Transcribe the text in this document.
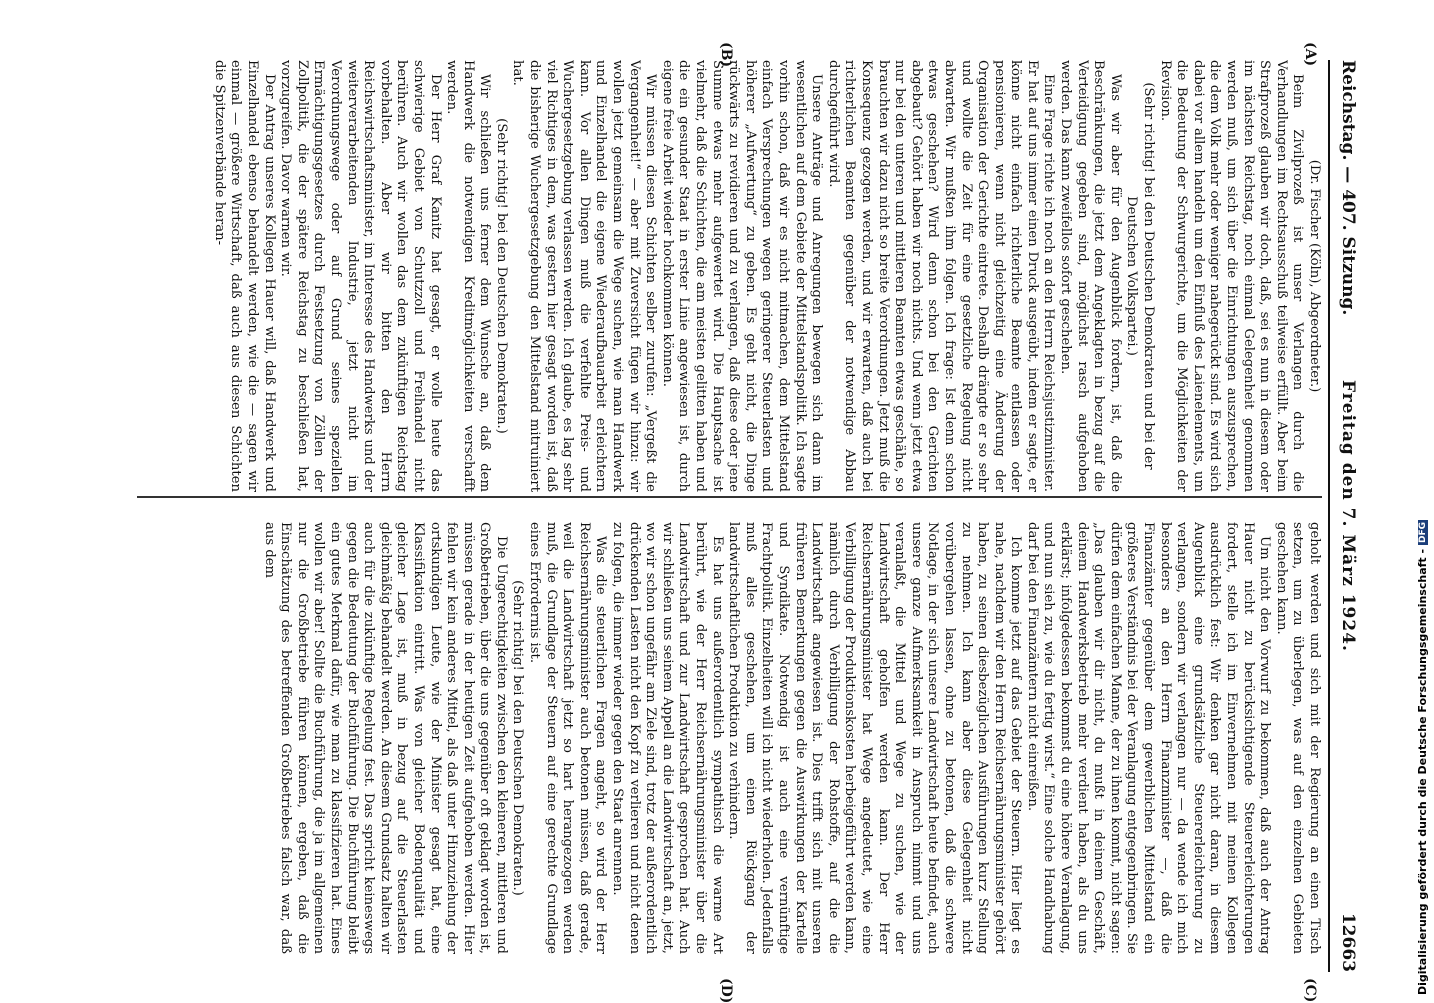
Reichstag. — 407. Sitzung.
Freitag den 7. März 1924.
12663
(A)
(B)
(C)
(D)

(Dr. Fischer (Köln), Abgeordneter.)

Beim Zivilprozeß ist unser Verlangen durch die Verhandlungen im Rechtsausschuß teilweise erfüllt. Aber beim Strafprozeß glauben wir doch, daß, sei es nun in diesem oder im nächsten Reichstag, noch einmal Gelegenheit genommen werden muß, um sich über die Einrichtungen auszusprechen, die dem Volk mehr oder weniger nahegerückt sind. Es wird sich dabei vor allem handeln um den Einfluß des Laienelements, um die Bedeutung der Schwurgerichte, um die Möglichkeiten der Revision.

(Sehr richtig! bei den Deutschen Demokraten und bei der Deutschen Volkspartei.)

Was wir aber für den Augenblick fordern, ist, daß die Beschränkungen, die jetzt dem Angeklagten in bezug auf die Verteidigung gegeben sind, möglichst rasch aufgehoben werden. Das kann zweifellos sofort geschehen.

Eine Frage richte ich noch an den Herrn Reichsjustizminister. Er hat auf uns immer einen Druck ausgeübt, indem er sagte, er könne nicht einfach richterliche Beamte entlassen oder pensionieren, wenn nicht gleichzeitig eine Änderung der Organisation der Gerichte eintrete. Deshalb drängte er so sehr und wollte die Zeit für eine gesetzliche Regelung nicht abwarten. Wir mußten ihm folgen. Ich frage: Ist denn schon etwas geschehen? Wird denn schon bei den Gerichten abgebaut? Gehört haben wir noch nichts. Und wenn jetzt etwa nur bei den unteren und mittleren Beamten etwas geschähe, so brauchten wir dazu nicht so breite Verordnungen. Jetzt muß die Konsequenz gezogen werden, und wir erwarten, daß auch bei richterlichen Beamten gegenüber der notwendige Abbau durchgeführt wird.

Unsere Anträge und Anregungen bewegen sich dann im wesentlichen auf dem Gebiete der Mittelstandspolitik. Ich sagte vorhin schon, daß wir es nicht mitmachen, dem Mittelstand einfach Versprechungen wegen geringerer Steuerlasten und höherer „Aufwertung“ zu geben. Es geht nicht, die Dinge rückwärts zu revidieren und zu verlangen, daß diese oder jene Summe etwas mehr aufgewertet wird. Die Hauptsache ist vielmehr, daß die Schichten, die am meisten gelitten haben und die ein gesunder Staat in erster Linie angewiesen ist, durch eigene freie Arbeit wieder hochkommen können.

Wir müssen diesen Schichten selber zurufen: „Vergeßt die Vergangenheit!“ — aber mit Zuversicht fügen wir hinzu: wir wollen jetzt gemeinsam die Wege suchen, wie man Handwerk und Einzelhandel die eigene Wiederaufbauarbeit erleichtern kann. Vor allen Dingen muß die verfehlte Preis- und Wuchergesetzgebung verlassen werden. Ich glaube, es lag sehr viel Richtiges in dem, was gestern hier gesagt worden ist, daß die bisherige Wuchergesetzgebung den Mittelstand mitruiniert hat.

(Sehr richtig! bei den Deutschen Demokraten.)

Wir schließen uns ferner dem Wunsche an, daß dem Handwerk die notwendigen Kreditmöglichkeiten verschafft werden.

Der Herr Graf Kanitz hat gesagt, er wolle heute das schwierige Gebiet von Schutzzoll und Freihandel nicht berühren. Auch wir wollen das dem zukünftigen Reichstag vorbehalten. Aber wir bitten den Herrn Reichswirtschaftsminister, im Interesse des Handwerks und der weiterverarbeitenden Industrie, jetzt nicht im Verordnungswege oder auf Grund seines speziellen Ermächtigungsgesetzes durch Festsetzung von Zöllen der Zollpolitik, die der spätere Reichstag zu beschließen hat, vorzugreifen. Davor warnen wir.

Der Antrag unseres Kollegen Hauer will, daß Handwerk und Einzelhandel ebenso behandelt werden, wie die — sagen wir einmal — größere Wirtschaft, daß auch aus diesen Schichten die Spitzenverbände heran-

geholt werden und sich mit der Regierung an einen Tisch setzen, um zu überlegen, was auf den einzelnen Gebieten geschehen kann.

Um nicht den Vorwurf zu bekommen, daß auch der Antrag Hauer nicht zu berücksichtigende Steuererleichterungen fordert, stelle ich im Einvernehmen mit meinen Kollegen ausdrücklich fest: Wir denken gar nicht daran, in diesem Augenblick eine grundsätzliche Steuererleichterung zu verlangen, sondern wir verlangen nur — da wende ich mich besonders an den Herrn Finanzminister —, daß die Finanzämter gegenüber dem gewerblichen Mittelstand ein größeres Verständnis bei der Veranlagung entgegenbringen. Sie dürfen dem einfachen Manne, der zu ihnen kommt, nicht sagen: „Das glauben wir dir nicht, du mußt in deinem Geschäft, deinem Handwerksbetrieb mehr verdient haben, als du uns erklärst; infolgedessen bekommst du eine höhere Veranlagung, und nun sieh zu, wie du fertig wirst.“ Eine solche Handhabung darf bei den Finanzämtern nicht einreißen.

Ich komme jetzt auf das Gebiet der Steuern. Hier liegt es nahe, nachdem wir den Herrn Reichsernährungsminister gehört haben, zu seinen diesbezüglichen Ausführungen kurz Stellung zu nehmen. Ich kann aber diese Gelegenheit nicht vorübergehen lassen, ohne zu betonen, daß die schwere Notlage, in der sich unsere Landwirtschaft heute befindet, auch unsere ganze Aufmerksamkeit in Anspruch nimmt und uns veranlaßt, die Mittel und Wege zu suchen, wie der Landwirtschaft geholfen werden kann. Der Herr Reichsernährungsminister hat Wege angedeutet, wie eine Verbilligung der Produktionskosten herbeigeführt werden kann, nämlich durch Verbilligung der Rohstoffe, auf die die Landwirtschaft angewiesen ist. Dies trifft sich mit unseren früheren Bemerkungen gegen die Auswirkungen der Kartelle und Syndikate. Notwendig ist auch eine vernünftige Frachtpolitik. Einzelheiten will ich nicht wiederholen. Jedenfalls muß alles geschehen, um einen Rückgang der landwirtschaftlichen Produktion zu verhindern.

Es hat uns außerordentlich sympathisch die warme Art berührt, wie der Herr Reichsernährungsminister über die Landwirtschaft und zur Landwirtschaft gesprochen hat. Auch wir schließen uns seinem Appell an die Landwirtschaft an, jetzt, wo wir schon ungefähr am Ziele sind, trotz der außerordentlich drückenden Lasten nicht den Kopf zu verlieren und nicht denen zu folgen, die immer wieder gegen den Staat anrennen.

Was die steuerlichen Fragen angeht, so wird der Herr Reichsernährungsminister auch betonen müssen, daß gerade, weil die Landwirtschaft jetzt so hart herangezogen werden muß, die Grundlage der Steuern auf eine gerechte Grundlage eines Erfordernis ist.

(Sehr richtig! bei den Deutschen Demokraten.)

Die Ungerechtigkeiten zwischen den kleineren, mittleren und Großbetrieben, über die uns gegenüber oft geklagt worden ist, müssen gerade in der heutigen Zeit aufgehoben werden. Hier fehlen wir kein anderes Mittel, als daß unter Hinzuziehung der ortskundigen Leute, wie der Minister gesagt hat, eine Klassifikation eintritt. Was von gleicher Bodenqualität und gleicher Lage ist, muß in bezug auf die Steuerlasten gleichmäßig behandelt werden. An diesem Grundsatz halten wir auch für die zukünftige Regelung fest. Das spricht keineswegs gegen die Bedeutung der Buchführung. Die Buchführung bleibt ein gutes Merkmal dafür, wie man zu klassifizieren hat. Eines wollen wir aber! Sollte die Buchführung, die ja im allgemeinen nur die Großbetriebe führen können, ergeben, daß die Einschätzung des betreffenden Großbetriebes falsch war, daß aus dem	Digitalisierung gefördert durch die Deutsche Forschungsgemeinschaft -DFG
